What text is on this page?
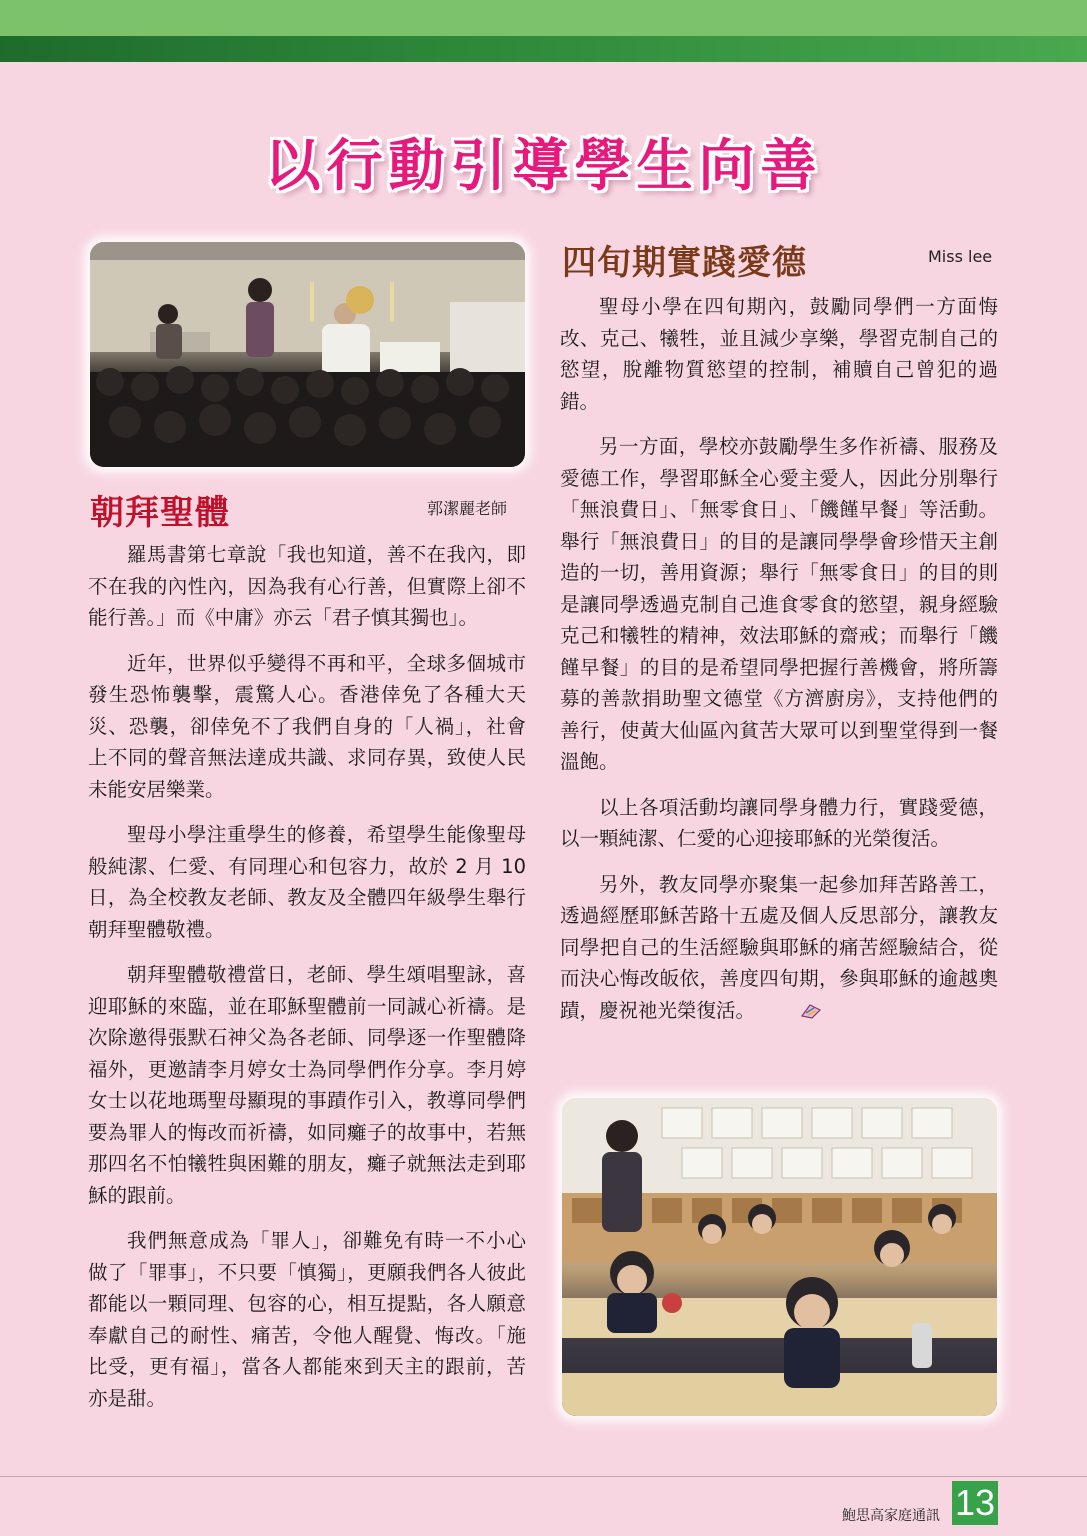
以行動引導學生向善
朝拜聖體	郭潔麗老師

羅馬書第七章說「我也知道，善不在我內，即不在我的內性內，因為我有心行善，但實際上卻不能行善。」而《中庸》亦云「君子慎其獨也」。

近年，世界似乎變得不再和平，全球多個城市發生恐怖襲擊，震驚人心。香港倖免了各種大天災、恐襲，卻倖免不了我們自身的「人禍」，社會上不同的聲音無法達成共識、求同存異，致使人民未能安居樂業。

聖母小學注重學生的修養，希望學生能像聖母般純潔、仁愛、有同理心和包容力，故於 2 月 10 日，為全校教友老師、教友及全體四年級學生舉行朝拜聖體敬禮。

朝拜聖體敬禮當日，老師、學生頌唱聖詠，喜迎耶穌的來臨，並在耶穌聖體前一同誠心祈禱。是次除邀得張默石神父為各老師、同學逐一作聖體降福外，更邀請李月婷女士為同學們作分享。李月婷女士以花地瑪聖母顯現的事蹟作引入，教導同學們要為罪人的悔改而祈禱，如同癱子的故事中，若無那四名不怕犧牲與困難的朋友，癱子就無法走到耶穌的跟前。

我們無意成為「罪人」，卻難免有時一不小心做了「罪事」，不只要「慎獨」，更願我們各人彼此都能以一顆同理、包容的心，相互提點，各人願意奉獻自己的耐性、痛苦，令他人醒覺、悔改。「施比受，更有福」，當各人都能來到天主的跟前，苦亦是甜。

四旬期實踐愛德	Miss lee

聖母小學在四旬期內，鼓勵同學們一方面悔改、克己、犧牲，並且減少享樂，學習克制自己的慾望，脫離物質慾望的控制，補贖自己曾犯的過錯。

另一方面，學校亦鼓勵學生多作祈禱、服務及愛德工作，學習耶穌全心愛主愛人，因此分別舉行「無浪費日」、「無零食日」、「饑饉早餐」等活動。舉行「無浪費日」的目的是讓同學學會珍惜天主創造的一切，善用資源；舉行「無零食日」的目的則是讓同學透過克制自己進食零食的慾望，親身經驗克己和犧牲的精神，效法耶穌的齋戒；而舉行「饑饉早餐」的目的是希望同學把握行善機會，將所籌募的善款捐助聖文德堂《方濟廚房》，支持他們的善行，使黃大仙區內貧苦大眾可以到聖堂得到一餐溫飽。

以上各項活動均讓同學身體力行，實踐愛德，以一顆純潔、仁愛的心迎接耶穌的光榮復活。

另外，教友同學亦聚集一起參加拜苦路善工，透過經歷耶穌苦路十五處及個人反思部分，讓教友同學把自己的生活經驗與耶穌的痛苦經驗結合，從而決心悔改皈依，善度四旬期，參與耶穌的逾越奧蹟，慶祝祂光榮復活。

鮑思高家庭通訊 13
